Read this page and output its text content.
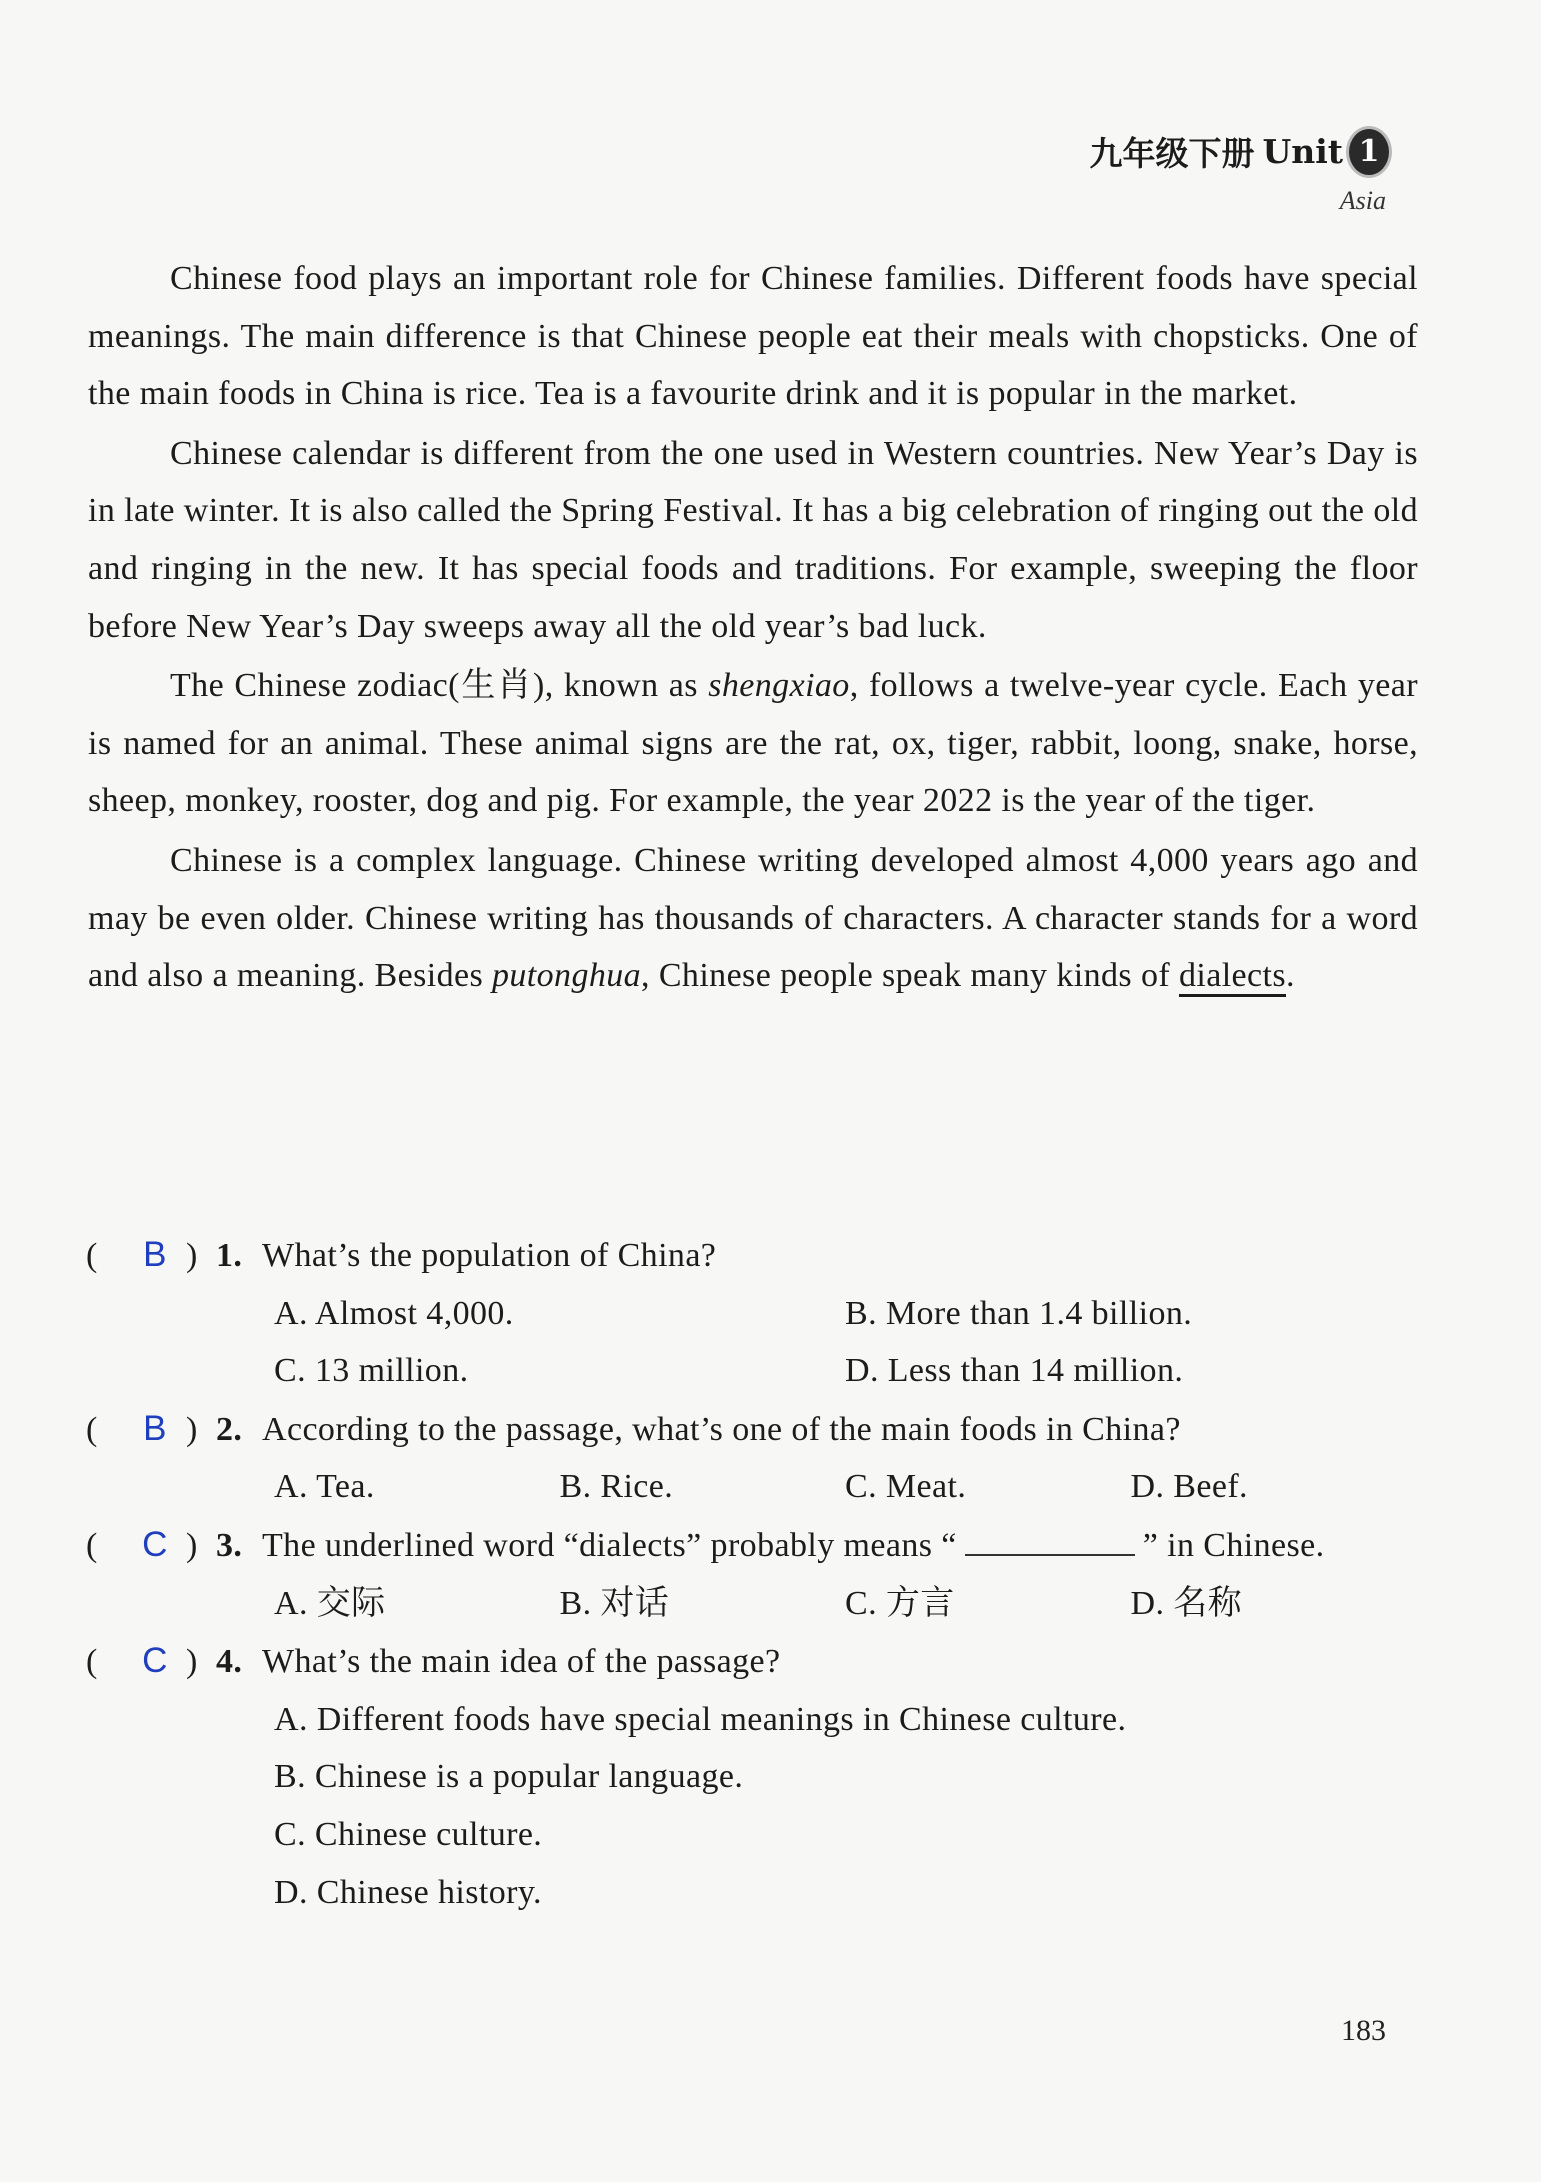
九年级下册 Unit 1
Asia

Chinese food plays an important role for Chinese families. Different foods have special meanings. The main difference is that Chinese people eat their meals with chopsticks. One of the main foods in China is rice. Tea is a favourite drink and it is popular in the market.

Chinese calendar is different from the one used in Western countries. New Year’s Day is in late winter. It is also called the Spring Festival. It has a big celebration of ringing out the old and ringing in the new. It has special foods and traditions. For example, sweeping the floor before New Year’s Day sweeps away all the old year’s bad luck.

The Chinese zodiac(生肖), known as shengxiao, follows a twelve-year cycle. Each year is named for an animal. These animal signs are the rat, ox, tiger, rabbit, loong, snake, horse, sheep, monkey, rooster, dog and pig. For example, the year 2022 is the year of the tiger.

Chinese is a complex language. Chinese writing developed almost 4,000 years ago and may be even older. Chinese writing has thousands of characters. A character stands for a word and also a meaning. Besides putonghua, Chinese people speak many kinds of dialects.

(	B ) 1. What’s the population of China?
A. Almost 4,000.	B. More than 1.4 billion.
C. 13 million.	D. Less than 14 million.
(	B ) 2. According to the passage, what’s one of the main foods in China?
A. Tea.	B. Rice.	C. Meat.	D. Beef.
(	C ) 3. The underlined word “dialects” probably means “	” in Chinese.
A. 交际	B. 对话	C. 方言	D. 名称
(	C ) 4. What’s the main idea of the passage?
A. Different foods have special meanings in Chinese culture.
B. Chinese is a popular language.
C. Chinese culture.
D. Chinese history.
183
